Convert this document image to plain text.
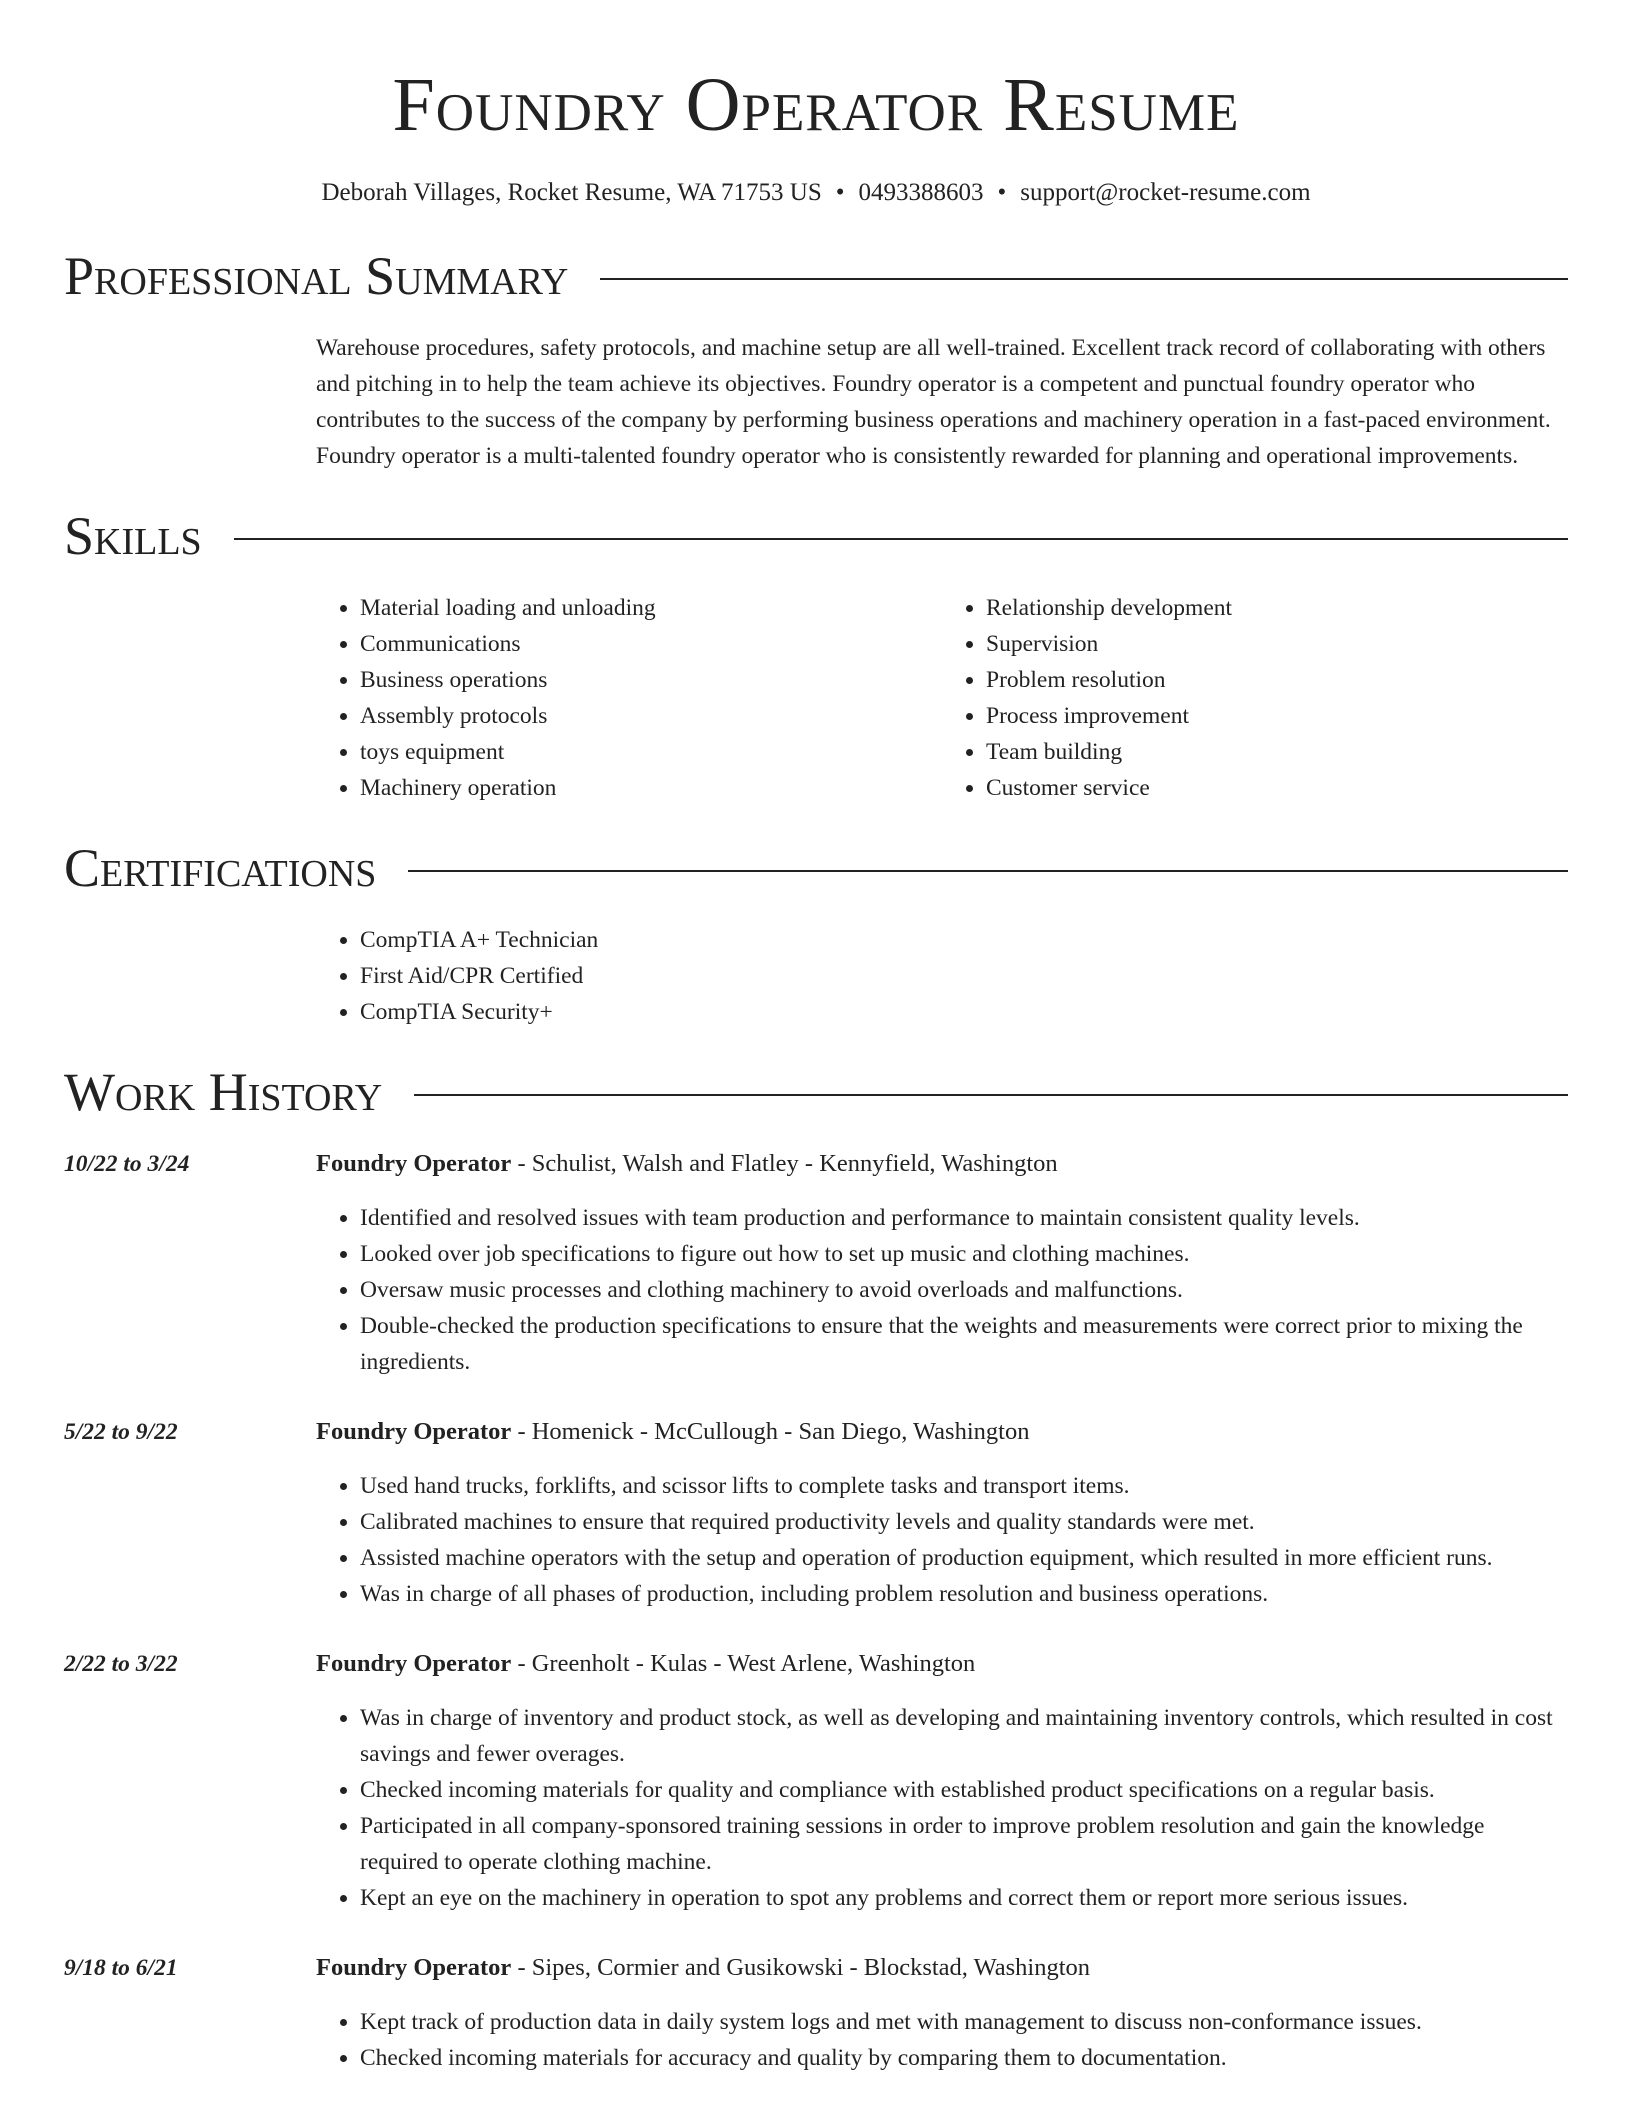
Foundry Operator Resume
Deborah Villages, Rocket Resume, WA 71753 US • 0493388603 • support@rocket-resume.com
Professional Summary

Warehouse procedures, safety protocols, and machine setup are all well-trained. Excellent track record of collaborating with others and pitching in to help the team achieve its objectives. Foundry operator is a competent and punctual foundry operator who contributes to the success of the company by performing business operations and machinery operation in a fast-paced environment. Foundry operator is a multi-talented foundry operator who is consistently rewarded for planning and operational improvements.

Skills
• Material loading and unloading
• Communications
• Business operations
• Assembly protocols
• toys equipment
• Machinery operation
• Relationship development
• Supervision
• Problem resolution
• Process improvement
• Team building
• Customer service
Certifications
• CompTIA A+ Technician
• First Aid/CPR Certified
• CompTIA Security+
Work History
10/22 to 3/24	Foundry Operator - Schulist, Walsh and Flatley - Kennyfield, Washington
• Identified and resolved issues with team production and performance to maintain consistent quality levels.
• Looked over job specifications to figure out how to set up music and clothing machines.
• Oversaw music processes and clothing machinery to avoid overloads and malfunctions.
• Double-checked the production specifications to ensure that the weights and measurements were correct prior to mixing the ingredients.
5/22 to 9/22	Foundry Operator - Homenick - McCullough - San Diego, Washington
• Used hand trucks, forklifts, and scissor lifts to complete tasks and transport items.
• Calibrated machines to ensure that required productivity levels and quality standards were met.
• Assisted machine operators with the setup and operation of production equipment, which resulted in more efficient runs.
• Was in charge of all phases of production, including problem resolution and business operations.
2/22 to 3/22	Foundry Operator - Greenholt - Kulas - West Arlene, Washington
• Was in charge of inventory and product stock, as well as developing and maintaining inventory controls, which resulted in cost savings and fewer overages.
• Checked incoming materials for quality and compliance with established product specifications on a regular basis.
• Participated in all company-sponsored training sessions in order to improve problem resolution and gain the knowledge required to operate clothing machine.
• Kept an eye on the machinery in operation to spot any problems and correct them or report more serious issues.
9/18 to 6/21	Foundry Operator - Sipes, Cormier and Gusikowski - Blockstad, Washington
• Kept track of production data in daily system logs and met with management to discuss non-conformance issues.
• Checked incoming materials for accuracy and quality by comparing them to documentation.
